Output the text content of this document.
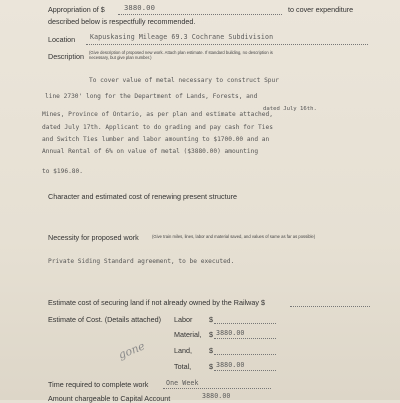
Appropriation of $	3880.00	to cover expenditure
described below is respectfully recommended.
Location Kapuskasing Mileage 69.3 Cochrane Subdivision
Description (Give description of proposed new work. Attach plan estimate. If standard building, no description is
necessary, but give plan number.)
To cover value of metal necessary to construct Spur
line 2730' long for the Department of Lands, Forests, and
dated July 16th.
Mines, Province of Ontario, as per plan and estimate attached,
dated July 17th. Applicant to do grading and pay cash for Ties
and Switch Ties lumber and labor amounting to $1700.00 and an
Annual Rental of 6% on value of metal ($3880.00) amounting
to $196.80.
Character and estimated cost of renewing present structure
Necessity for proposed work	(Give train miles, lines, labor and material saved, and values of same as far as possible)
Private Siding Standard agreement, to be executed.
Estimate cost of securing land if not already owned by the Railway $
Estimate of Cost. (Details attached) Labor $
Material, $ 3880.00
Land, $
Total, $ 3880.00
gone
Time required to complete work	One Week
Amount chargeable to Capital Account	3880.00
